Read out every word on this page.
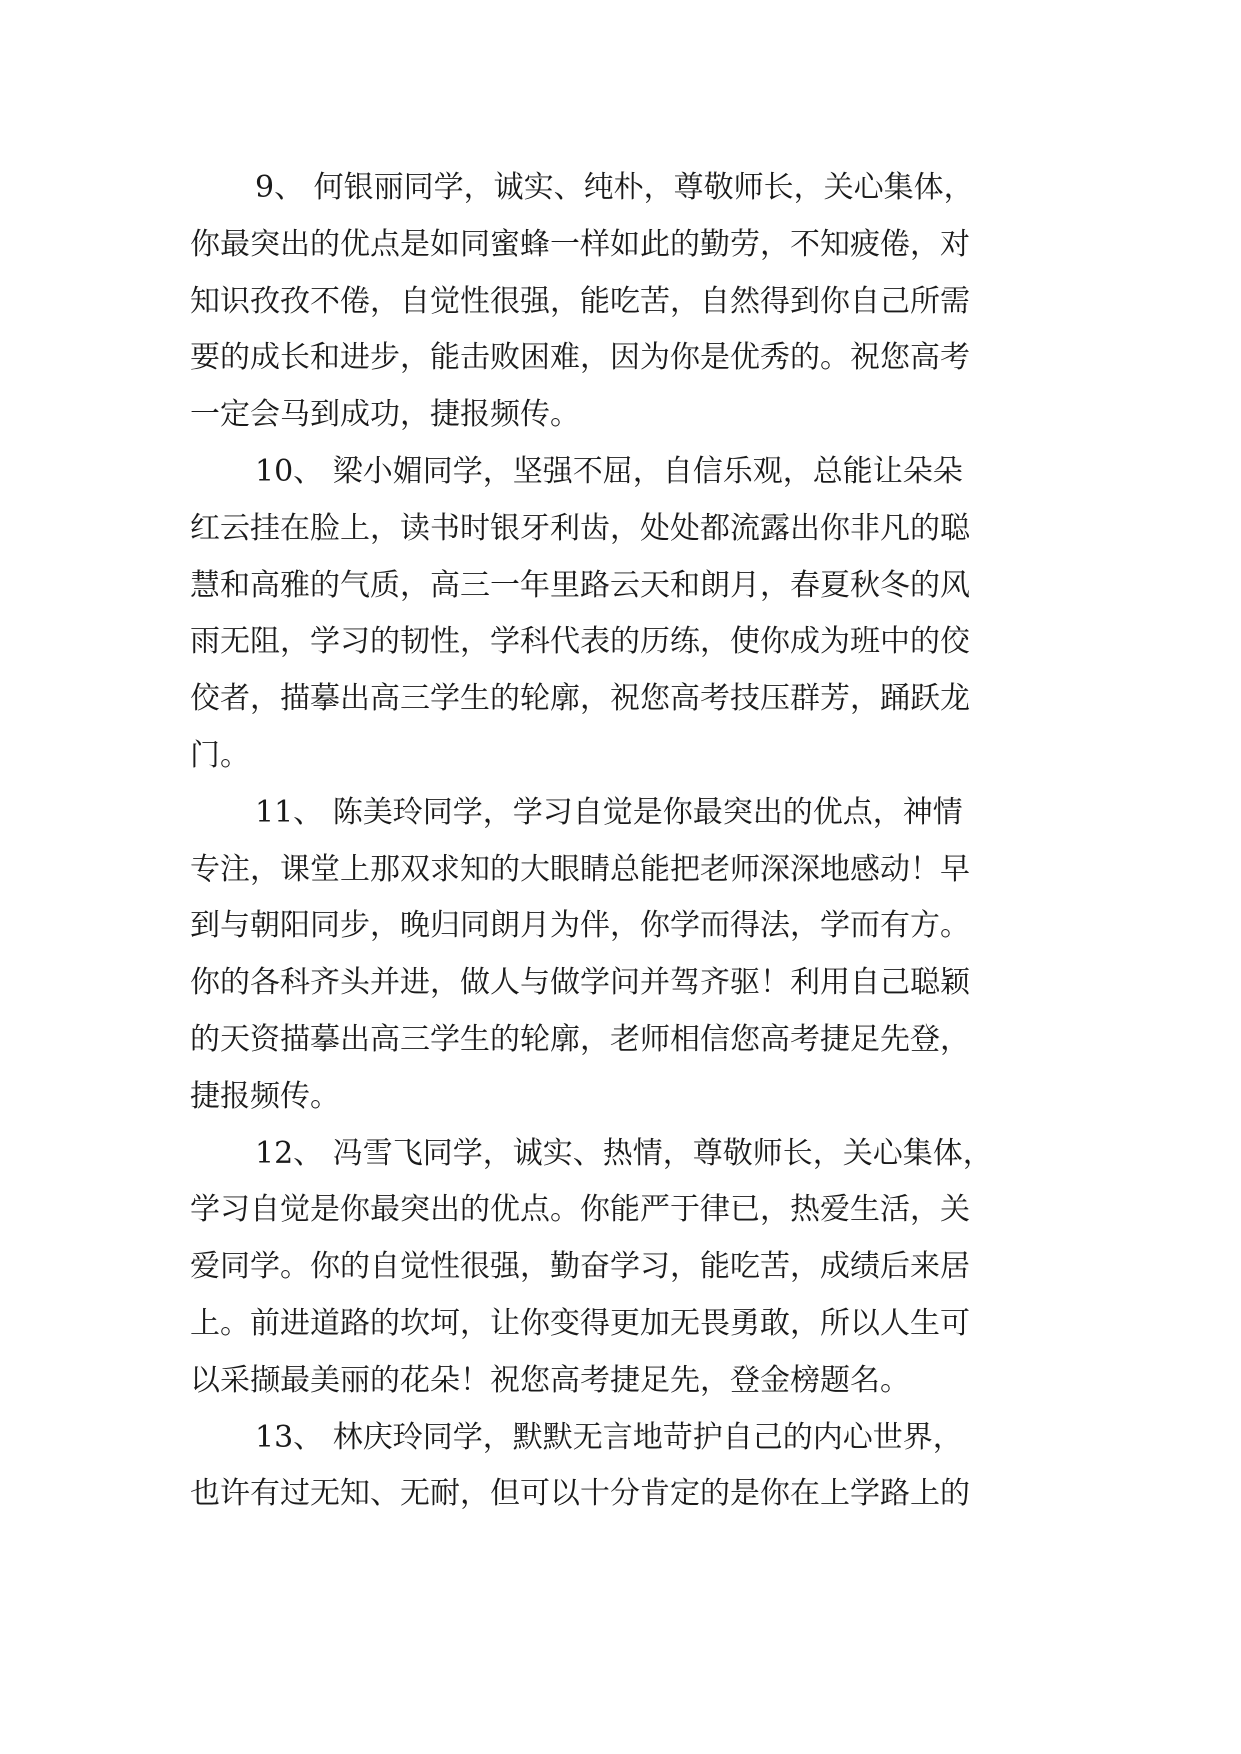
9、 何银丽同学，诚实、纯朴，尊敬师长，关心集体，
你最突出的优点是如同蜜蜂一样如此的勤劳，不知疲倦，对
知识孜孜不倦，自觉性很强，能吃苦，自然得到你自己所需
要的成长和进步，能击败困难，因为你是优秀的。祝您高考
一定会马到成功，捷报频传。
10、 梁小媚同学，坚强不屈，自信乐观，总能让朵朵
红云挂在脸上，读书时银牙利齿，处处都流露出你非凡的聪
慧和高雅的气质，高三一年里路云天和朗月，春夏秋冬的风
雨无阻，学习的韧性，学科代表的历练，使你成为班中的佼
佼者，描摹出高三学生的轮廓，祝您高考技压群芳，踊跃龙
门。
11、 陈美玲同学，学习自觉是你最突出的优点，神情
专注，课堂上那双求知的大眼睛总能把老师深深地感动！早
到与朝阳同步，晚归同朗月为伴，你学而得法，学而有方。
你的各科齐头并进，做人与做学问并驾齐驱！利用自己聪颖
的天资描摹出高三学生的轮廓，老师相信您高考捷足先登，
捷报频传。
12、 冯雪飞同学，诚实、热情，尊敬师长，关心集体，
学习自觉是你最突出的优点。你能严于律已，热爱生活，关
爱同学。你的自觉性很强，勤奋学习，能吃苦，成绩后来居
上。前进道路的坎坷，让你变得更加无畏勇敢，所以人生可
以采撷最美丽的花朵！祝您高考捷足先，登金榜题名。
13、 林庆玲同学，默默无言地苛护自己的内心世界，
也许有过无知、无耐，但可以十分肯定的是你在上学路上的
